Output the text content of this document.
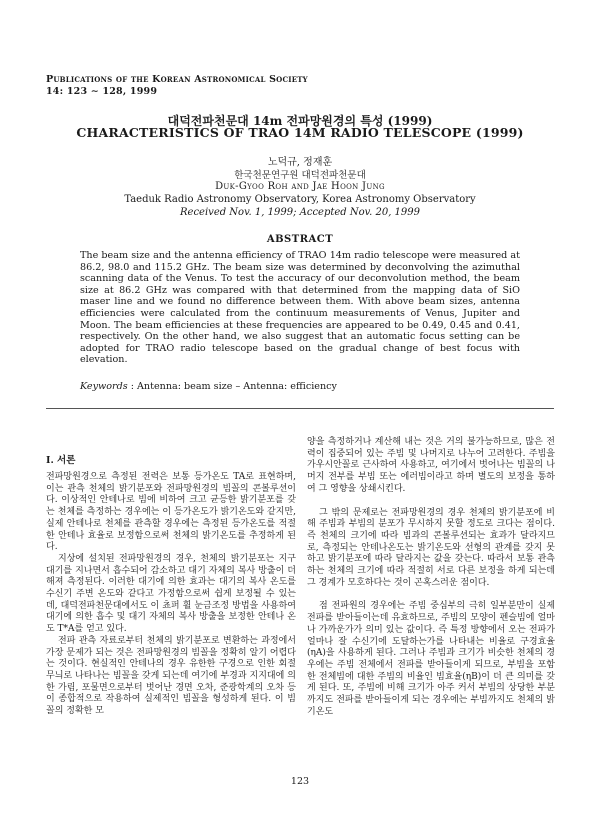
Publications of the Korean Astronomical Society
14: 123 ∼ 128, 1999
대덕전파천문대 14m 전파망원경의 특성 (1999)
CHARACTERISTICS OF TRAO 14M RADIO TELESCOPE (1999)
노덕규, 정재훈
한국천문연구원 대덕전파천문대
Duk-Gyoo Roh and Jae Hoon Jung
Taeduk Radio Astronomy Observatory, Korea Astronomy Observatory
Received Nov. 1, 1999; Accepted Nov. 20, 1999
ABSTRACT
The beam size and the antenna efficiency of TRAO 14m radio telescope were measured at 86.2, 98.0 and 115.2 GHz. The beam size was determined by deconvolving the azimuthal scanning data of the Venus. To test the accuracy of our deconvolution method, the beam size at 86.2 GHz was compared with that determined from the mapping data of SiO maser line and we found no difference between them. With above beam sizes, antenna efficiencies were calculated from the continuum measurements of Venus, Jupiter and Moon. The beam efficiencies at these frequencies are appeared to be 0.49, 0.45 and 0.41, respectively. On the other hand, we also suggest that an automatic focus setting can be adopted for TRAO radio telescope based on the gradual change of best focus with elevation.
Keywords : Antenna: beam size – Antenna: efficiency
I. 서론

전파망원경으로 측정된 전력은 보통 등가온도 TA로 표현하며, 이는 관측 천체의 밝기분포와 전파망원경의 빔꼴의 콘볼루션이다. 이상적인 안테나로 빔에 비하여 크고 균등한 밝기분포를 갖는 천체를 측정하는 경우에는 이 등가온도가 밝기온도와 같지만, 실제 안테나로 천체를 관측할 경우에는 측정된 등가온도를 적절한 안테나 효율로 보정함으로써 천체의 밝기온도를 추정하게 된다.

지상에 설치된 전파망원경의 경우, 천체의 밝기분포는 지구 대기를 지나면서 흡수되어 감소하고 대기 자체의 복사 방출이 더해져 측정된다. 이러한 대기에 의한 효과는 대기의 복사 온도를 수신기 주변 온도와 같다고 가정함으로써 쉽게 보정될 수 있는데, 대덕전파천문대에서도 이 쵸퍼 휠 눈금조정 방법을 사용하여 대기에 의한 흡수 및 대기 자체의 복사 방출을 보정한 안테나 온도 T*A를 얻고 있다.

전파 관측 자료로부터 천체의 밝기분포로 변환하는 과정에서 가장 문제가 되는 것은 전파망원경의 빔꼴을 정확히 알기 어렵다는 것이다. 현실적인 안테나의 경우 유한한 구경으로 인한 회절 무늬로 나타나는 빔꼴을 갖게 되는데 여기에 부경과 지지대에 의한 가림, 포물면으로부터 벗어난 경면 오차, 준광학계의 오차 등이 종합적으로 작용하여 실제적인 빔꼴을 형성하게 된다. 이 빔꼴의 정확한 모

양을 측정하거나 계산해 내는 것은 거의 불가능하므로, 많은 전력이 집중되어 있는 주빔 및 나머지로 나누어 고려한다. 주빔을 가우시안꼴로 근사하여 사용하고, 여기에서 벗어나는 빔꼴의 나머지 전부를 부빔 또는 에러빔이라고 하며 별도의 보정을 통하여 그 영향을 상쇄시킨다.

그 밖의 문제로는 전파망원경의 경우 천체의 밝기분포에 비해 주빔과 부빔의 분포가 무시하지 못할 정도로 크다는 점이다. 즉 천체의 크기에 따라 빔과의 콘볼루션되는 효과가 달라지므로, 측정되는 안테나온도는 밝기온도와 선형의 관계를 갖지 못하고 밝기분포에 따라 달라지는 값을 갖는다. 따라서 보통 관측하는 천체의 크기에 따라 적절히 서로 다른 보정을 하게 되는데 그 경계가 모호하다는 것이 곤혹스러운 점이다.

점 전파원의 경우에는 주빔 중심부의 극히 일부분만이 실제 전파를 받아들이는데 유효하므로, 주빔의 모양이 펜슬빔에 얼마나 가까운가가 의미 있는 값이다. 즉 특정 방향에서 오는 전파가 얼마나 잘 수신기에 도달하는가를 나타내는 비율로 구경효율(ηA)을 사용하게 된다. 그러나 주빔과 크기가 비슷한 천체의 경우에는 주빔 전체에서 전파를 받아들이게 되므로, 부빔을 포함한 전체빔에 대한 주빔의 비율인 빔효율(ηB)이 더 큰 의미를 갖게 된다. 또, 주빔에 비해 크기가 아주 커서 부빔의 상당한 부분까지도 전파를 받아들이게 되는 경우에는 부빔까지도 천체의 밝기온도

123
